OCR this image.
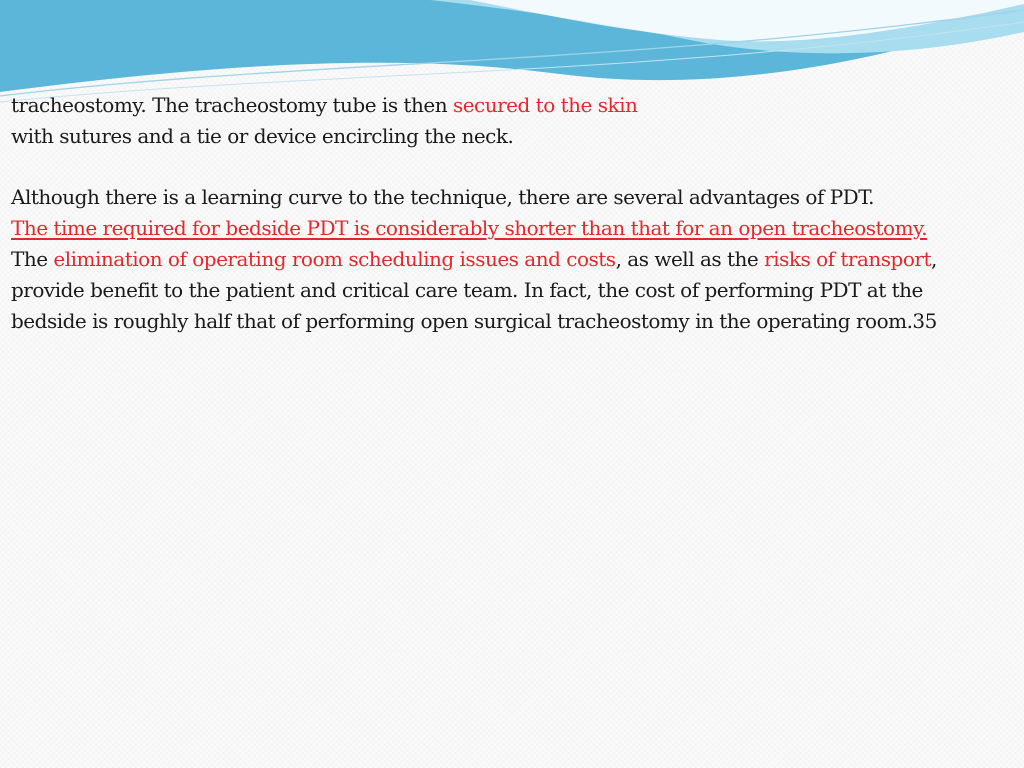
tracheostomy. The tracheostomy tube is then secured to the skin
with sutures and a tie or device encircling the neck.

Although there is a learning curve to the technique, there are several advantages of PDT.
The time required for bedside PDT is considerably shorter than that for an open tracheostomy.
The elimination of operating room scheduling issues and costs, as well as the risks of transport, provide benefit to the patient and critical care team. In fact, the cost of performing PDT at the bedside is roughly half that of performing open surgical tracheostomy in the operating room.35
